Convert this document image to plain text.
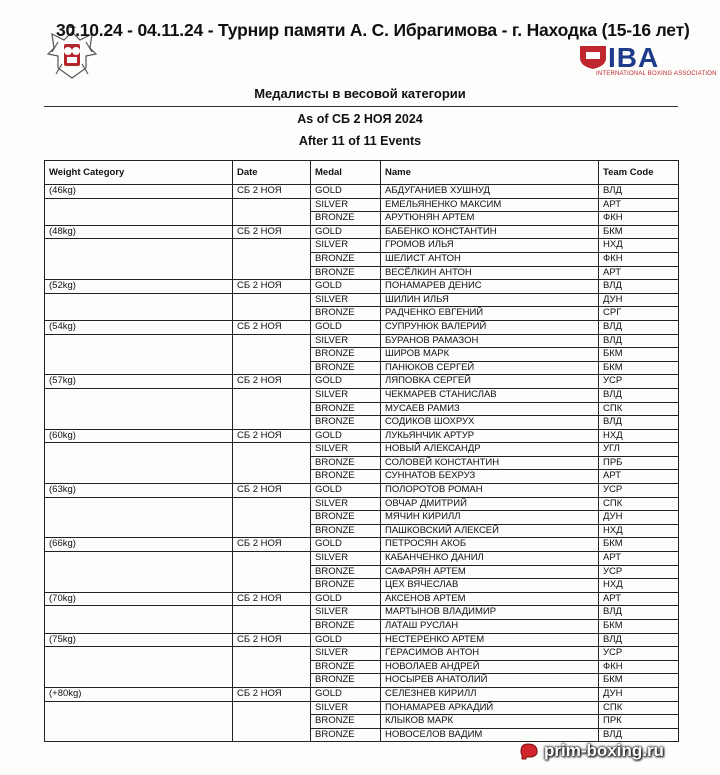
30.10.24 - 04.11.24 - Турнир памяти А. С. Ибрагимова - г. Находка (15-16 лет)
IBA
INTERNATIONAL BOXING ASSOCIATION
Медалисты в весовой категории
As of СБ 2 НОЯ 2024
After 11 of 11 Events
Weight Category	Date	Medal	Name	Team Code
(46kg)	СБ 2 НОЯ	GOLD	АБДУГАНИЕВ ХУШНУД	ВЛД
		SILVER	ЕМЕЛЬЯНЕНКО МАКСИМ	АРТ
		BRONZE	АРУТЮНЯН АРТЕМ	ФКН
(48kg)	СБ 2 НОЯ	GOLD	БАБЕНКО КОНСТАНТИН	БКМ
		SILVER	ГРОМОВ ИЛЬЯ	НХД
		BRONZE	ШЕЛИСТ АНТОН	ФКН
		BRONZE	ВЕСЁЛКИН АНТОН	АРТ
(52kg)	СБ 2 НОЯ	GOLD	ПОНАМАРЕВ ДЕНИС	ВЛД
		SILVER	ШИЛИН ИЛЬЯ	ДУН
		BRONZE	РАДЧЕНКО ЕВГЕНИЙ	СРГ
(54kg)	СБ 2 НОЯ	GOLD	СУПРУНЮК ВАЛЕРИЙ	ВЛД
		SILVER	БУРАНОВ РАМАЗОН	ВЛД
		BRONZE	ШИРОВ МАРК	БКМ
		BRONZE	ПАНЮКОВ СЕРГЕЙ	БКМ
(57kg)	СБ 2 НОЯ	GOLD	ЛЯПОВКА СЕРГЕЙ	УСР
		SILVER	ЧЕКМАРЕВ СТАНИСЛАВ	ВЛД
		BRONZE	МУСАЕВ РАМИЗ	СПК
		BRONZE	СОДИКОВ ШОХРУХ	ВЛД
(60kg)	СБ 2 НОЯ	GOLD	ЛУКЬЯНЧИК АРТУР	НХД
		SILVER	НОВЫЙ АЛЕКСАНДР	УГЛ
		BRONZE	СОЛОВЕЙ КОНСТАНТИН	ПРБ
		BRONZE	СУННАТОВ БЕХРУЗ	АРТ
(63kg)	СБ 2 НОЯ	GOLD	ПОЛОРОТОВ РОМАН	УСР
		SILVER	ОВЧАР ДМИТРИЙ	СПК
		BRONZE	МЯЧИН КИРИЛЛ	ДУН
		BRONZE	ПАШКОВСКИЙ АЛЕКСЕЙ	НХД
(66kg)	СБ 2 НОЯ	GOLD	ПЕТРОСЯН АКОБ	БКМ
		SILVER	КАБАНЧЕНКО ДАНИЛ	АРТ
		BRONZE	САФАРЯН АРТЕМ	УСР
		BRONZE	ЦЕХ ВЯЧЕСЛАВ	НХД
(70kg)	СБ 2 НОЯ	GOLD	АКСЕНОВ АРТЕМ	АРТ
		SILVER	МАРТЫНОВ ВЛАДИМИР	ВЛД
		BRONZE	ЛАТАШ РУСЛАН	БКМ
(75kg)	СБ 2 НОЯ	GOLD	НЕСТЕРЕНКО АРТЕМ	ВЛД
		SILVER	ГЕРАСИМОВ АНТОН	УСР
		BRONZE	НОВОЛАЕВ АНДРЕЙ	ФКН
		BRONZE	НОСЫРЕВ АНАТОЛИЙ	БКМ
(+80kg)	СБ 2 НОЯ	GOLD	СЕЛЕЗНЕВ КИРИЛЛ	ДУН
		SILVER	ПОНАМАРЕВ АРКАДИЙ	СПК
		BRONZE	КЛЫКОВ МАРК	ПРК
		BRONZE	НОВОСЕЛОВ ВАДИМ	ВЛД
prim-boxing.ru
